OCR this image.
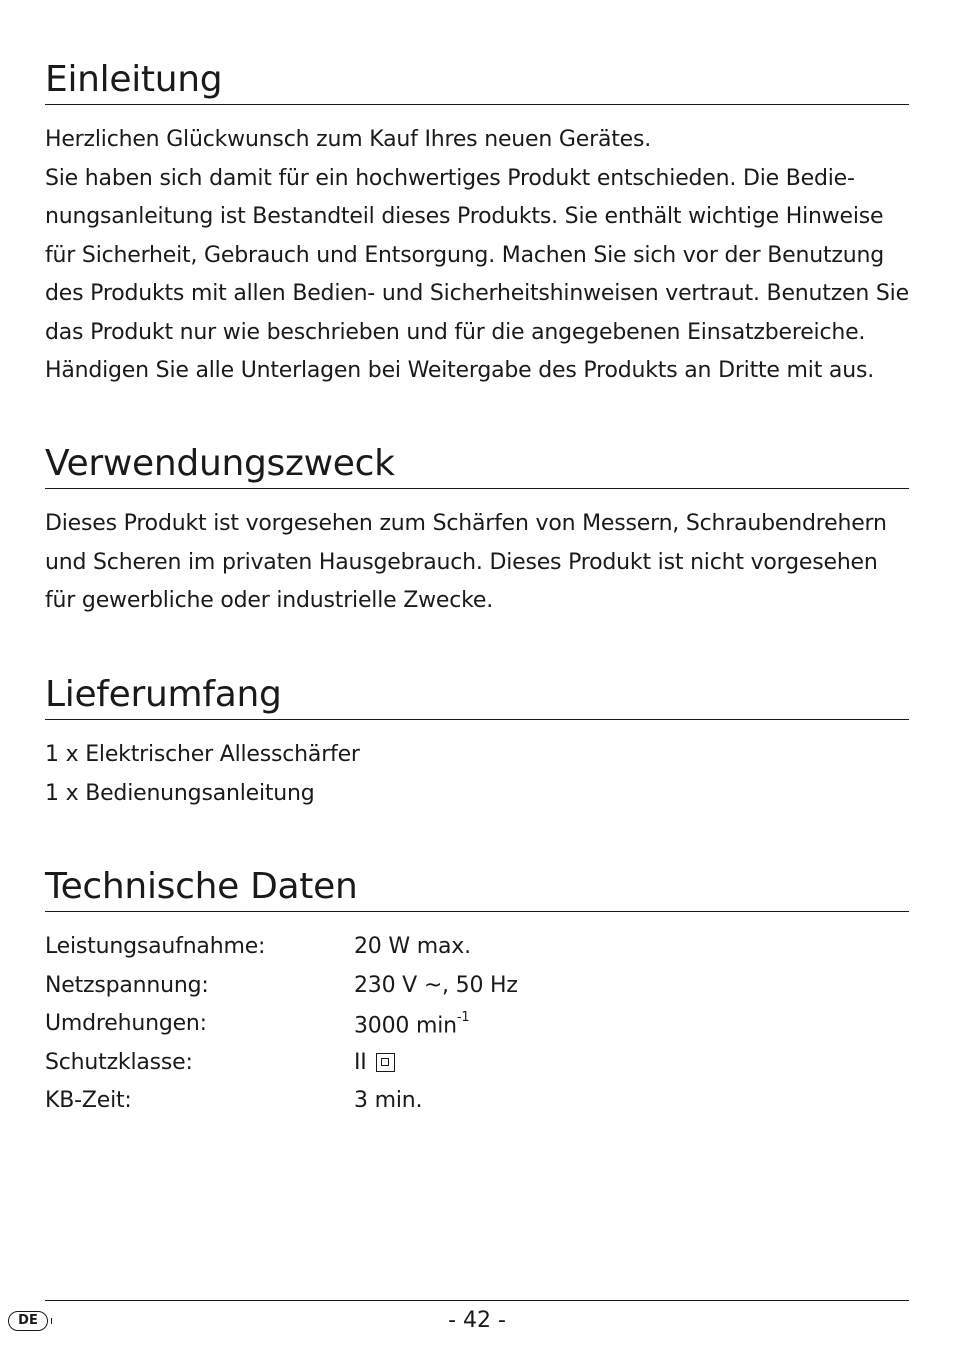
Einleitung

Herzlichen Glückwunsch zum Kauf Ihres neuen Gerätes.

Sie haben sich damit für ein hochwertiges Produkt entschieden. Die Bedie-

nungsanleitung ist Bestandteil dieses Produkts. Sie enthält wichtige Hinweise

für Sicherheit, Gebrauch und Entsorgung. Machen Sie sich vor der Benutzung

des Produkts mit allen Bedien- und Sicherheitshinweisen vertraut. Benutzen Sie

das Produkt nur wie beschrieben und für die angegebenen Einsatzbereiche.

Händigen Sie alle Unterlagen bei Weitergabe des Produkts an Dritte mit aus.

Verwendungszweck

Dieses Produkt ist vorgesehen zum Schärfen von Messern, Schraubendrehern

und Scheren im privaten Hausgebrauch. Dieses Produkt ist nicht vorgesehen

für gewerbliche oder industrielle Zwecke.

Lieferumfang

1 x Elektrischer Allesschärfer

1 x Bedienungsanleitung

Technische Daten
Leistungsaufnahme:	20 W max.
Netzspannung:	230 V ~, 50 Hz
Umdrehungen:	3000 $\min^{-1}$
Schutzklasse:	II
KB-Zeit:	3 min.
DE	- 42 -
